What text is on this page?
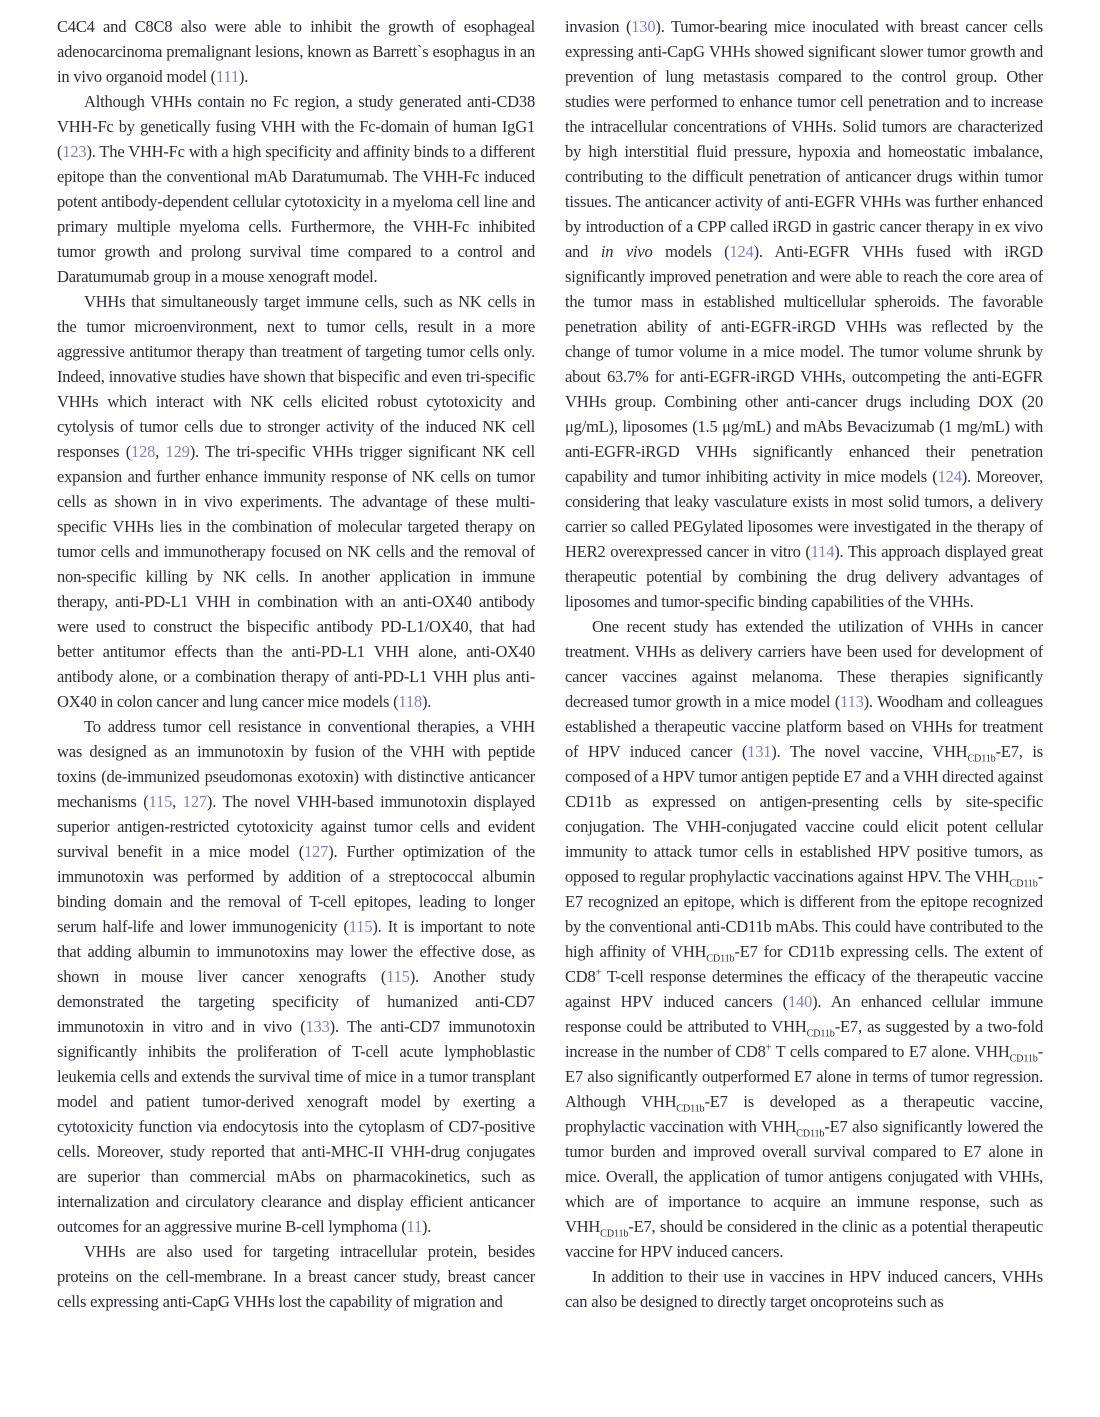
C4C4 and C8C8 also were able to inhibit the growth of esophageal adenocarcinoma premalignant lesions, known as Barrett`s esophagus in an in vivo organoid model (111).

Although VHHs contain no Fc region, a study generated anti-CD38 VHH-Fc by genetically fusing VHH with the Fc-domain of human IgG1 (123). The VHH-Fc with a high specificity and affinity binds to a different epitope than the conventional mAb Daratumumab. The VHH-Fc induced potent antibody-dependent cellular cytotoxicity in a myeloma cell line and primary multiple myeloma cells. Furthermore, the VHH-Fc inhibited tumor growth and prolong survival time compared to a control and Daratumumab group in a mouse xenograft model.

VHHs that simultaneously target immune cells, such as NK cells in the tumor microenvironment, next to tumor cells, result in a more aggressive antitumor therapy than treatment of targeting tumor cells only. Indeed, innovative studies have shown that bispecific and even tri-specific VHHs which interact with NK cells elicited robust cytotoxicity and cytolysis of tumor cells due to stronger activity of the induced NK cell responses (128, 129). The tri-specific VHHs trigger significant NK cell expansion and further enhance immunity response of NK cells on tumor cells as shown in in vivo experiments. The advantage of these multi-specific VHHs lies in the combination of molecular targeted therapy on tumor cells and immunotherapy focused on NK cells and the removal of non-specific killing by NK cells. In another application in immune therapy, anti-PD-L1 VHH in combination with an anti-OX40 antibody were used to construct the bispecific antibody PD-L1/OX40, that had better antitumor effects than the anti-PD-L1 VHH alone, anti-OX40 antibody alone, or a combination therapy of anti-PD-L1 VHH plus anti-OX40 in colon cancer and lung cancer mice models (118).

To address tumor cell resistance in conventional therapies, a VHH was designed as an immunotoxin by fusion of the VHH with peptide toxins (de-immunized pseudomonas exotoxin) with distinctive anticancer mechanisms (115, 127). The novel VHH-based immunotoxin displayed superior antigen-restricted cytotoxicity against tumor cells and evident survival benefit in a mice model (127). Further optimization of the immunotoxin was performed by addition of a streptococcal albumin binding domain and the removal of T-cell epitopes, leading to longer serum half-life and lower immunogenicity (115). It is important to note that adding albumin to immunotoxins may lower the effective dose, as shown in mouse liver cancer xenografts (115). Another study demonstrated the targeting specificity of humanized anti-CD7 immunotoxin in vitro and in vivo (133). The anti-CD7 immunotoxin significantly inhibits the proliferation of T-cell acute lymphoblastic leukemia cells and extends the survival time of mice in a tumor transplant model and patient tumor-derived xenograft model by exerting a cytotoxicity function via endocytosis into the cytoplasm of CD7-positive cells. Moreover, study reported that anti-MHC-II VHH-drug conjugates are superior than commercial mAbs on pharmacokinetics, such as internalization and circulatory clearance and display efficient anticancer outcomes for an aggressive murine B-cell lymphoma (11).

VHHs are also used for targeting intracellular protein, besides proteins on the cell-membrane. In a breast cancer study, breast cancer cells expressing anti-CapG VHHs lost the capability of migration and

invasion (130). Tumor-bearing mice inoculated with breast cancer cells expressing anti-CapG VHHs showed significant slower tumor growth and prevention of lung metastasis compared to the control group. Other studies were performed to enhance tumor cell penetration and to increase the intracellular concentrations of VHHs. Solid tumors are characterized by high interstitial fluid pressure, hypoxia and homeostatic imbalance, contributing to the difficult penetration of anticancer drugs within tumor tissues. The anticancer activity of anti-EGFR VHHs was further enhanced by introduction of a CPP called iRGD in gastric cancer therapy in ex vivo and in vivo models (124). Anti-EGFR VHHs fused with iRGD significantly improved penetration and were able to reach the core area of the tumor mass in established multicellular spheroids. The favorable penetration ability of anti-EGFR-iRGD VHHs was reflected by the change of tumor volume in a mice model. The tumor volume shrunk by about 63.7% for anti-EGFR-iRGD VHHs, outcompeting the anti-EGFR VHHs group. Combining other anti-cancer drugs including DOX (20 μg/mL), liposomes (1.5 μg/mL) and mAbs Bevacizumab (1 mg/mL) with anti-EGFR-iRGD VHHs significantly enhanced their penetration capability and tumor inhibiting activity in mice models (124). Moreover, considering that leaky vasculature exists in most solid tumors, a delivery carrier so called PEGylated liposomes were investigated in the therapy of HER2 overexpressed cancer in vitro (114). This approach displayed great therapeutic potential by combining the drug delivery advantages of liposomes and tumor-specific binding capabilities of the VHHs.

One recent study has extended the utilization of VHHs in cancer treatment. VHHs as delivery carriers have been used for development of cancer vaccines against melanoma. These therapies significantly decreased tumor growth in a mice model (113). Woodham and colleagues established a therapeutic vaccine platform based on VHHs for treatment of HPV induced cancer (131). The novel vaccine, $VHH_{CD11b}-E7$, is composed of a HPV tumor antigen peptide E7 and a VHH directed against CD11b as expressed on antigen-presenting cells by site-specific conjugation. The VHH-conjugated vaccine could elicit potent cellular immunity to attack tumor cells in established HPV positive tumors, as opposed to regular prophylactic vaccinations against HPV. The $VHH_{CD11b}-E7$ recognized an epitope, which is different from the epitope recognized by the conventional anti-CD11b mAbs. This could have contributed to the high affinity of $VHH_{CD11b}-E7$ for CD11b expressing cells. The extent of CD8+ T-cell response determines the efficacy of the therapeutic vaccine against HPV induced cancers (140). An enhanced cellular immune response could be attributed to $VHH_{CD11b}-E7$, as suggested by a two-fold increase in the number of CD8+ T cells compared to E7 alone. $VHH_{CD11b}-E7$ also significantly outperformed E7 alone in terms of tumor regression. Although $VHH_{CD11b}-E7$ is developed as a therapeutic vaccine, prophylactic vaccination with $VHH_{CD11b}-E7$ also significantly lowered the tumor burden and improved overall survival compared to E7 alone in mice. Overall, the application of tumor antigens conjugated with VHHs, which are of importance to acquire an immune response, such as $VHH_{CD11b}-E7$, should be considered in the clinic as a potential therapeutic vaccine for HPV induced cancers.

In addition to their use in vaccines in HPV induced cancers, VHHs can also be designed to directly target oncoproteins such as
